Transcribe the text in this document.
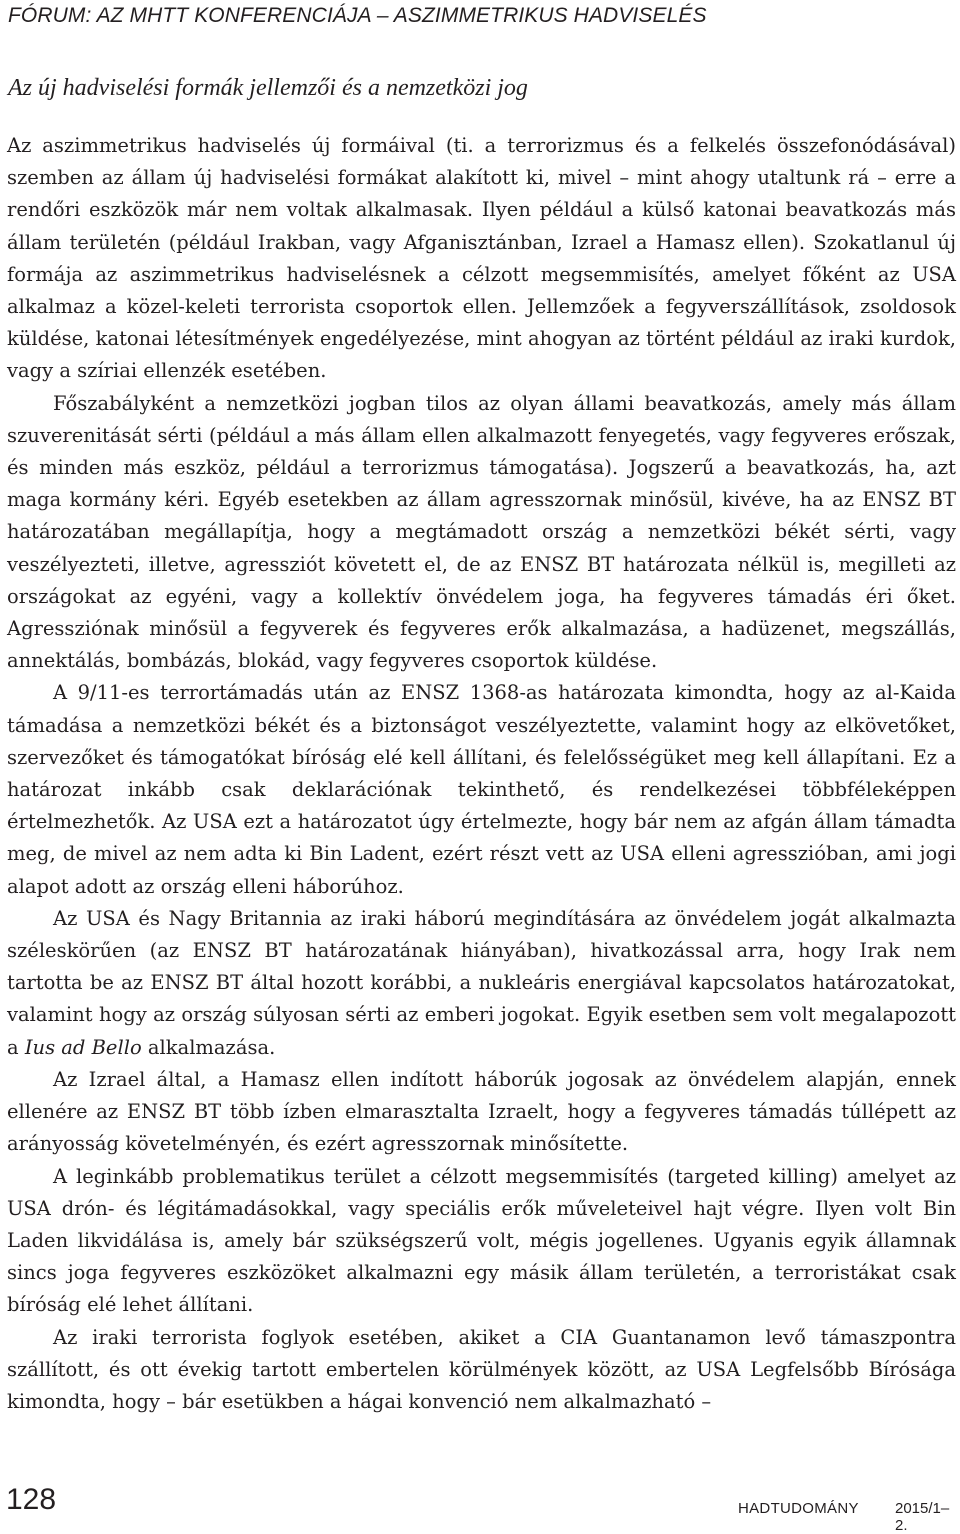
FÓRUM: AZ MHTT KONFERENCIÁJA – ASZIMMETRIKUS HADVISELÉS
Az új hadviselési formák jellemzői és a nemzetközi jog

Az aszimmetrikus hadviselés új formáival (ti. a terrorizmus és a felkelés összefonódásával) szemben az állam új hadviselési formákat alakított ki, mivel – mint ahogy utaltunk rá – erre a rendőri eszközök már nem voltak alkalmasak. Ilyen például a külső katonai beavatkozás más állam területén (például Irakban, vagy Afganisztánban, Izrael a Hamasz ellen). Szokatlanul új formája az aszimmetrikus hadviselésnek a célzott megsemmisítés, amelyet főként az USA alkalmaz a közel-keleti terrorista csoportok ellen. Jellemzőek a fegyverszállítások, zsoldosok küldése, katonai létesítmények engedélyezése, mint ahogyan az történt például az iraki kurdok, vagy a szíriai ellenzék esetében.

Főszabályként a nemzetközi jogban tilos az olyan állami beavatkozás, amely más állam szuverenitását sérti (például a más állam ellen alkalmazott fenyegetés, vagy fegyveres erőszak, és minden más eszköz, például a terrorizmus támogatása). Jogszerű a beavatkozás, ha, azt maga kormány kéri. Egyéb esetekben az állam agresszornak minősül, kivéve, ha az ENSZ BT határozatában megállapítja, hogy a megtámadott ország a nemzetközi békét sérti, vagy veszélyezteti, illetve, agressziót követett el, de az ENSZ BT határozata nélkül is, megilleti az országokat az egyéni, vagy a kollektív önvédelem joga, ha fegyveres támadás éri őket. Agressziónak minősül a fegyverek és fegyveres erők alkalmazása, a hadüzenet, megszállás, annektálás, bombázás, blokád, vagy fegyveres csoportok küldése.

A 9/11-es terrortámadás után az ENSZ 1368-as határozata kimondta, hogy az al-Kaida támadása a nemzetközi békét és a biztonságot veszélyeztette, valamint hogy az elkövetőket, szervezőket és támogatókat bíróság elé kell állítani, és felelősségüket meg kell állapítani. Ez a határozat inkább csak deklarációnak tekinthető, és rendelkezései többféleképpen értelmezhetők. Az USA ezt a határozatot úgy értelmezte, hogy bár nem az afgán állam támadta meg, de mivel az nem adta ki Bin Ladent, ezért részt vett az USA elleni agresszióban, ami jogi alapot adott az ország elleni háborúhoz.

Az USA és Nagy Britannia az iraki háború megindítására az önvédelem jogát alkalmazta széleskörűen (az ENSZ BT határozatának hiányában), hivatkozással arra, hogy Irak nem tartotta be az ENSZ BT által hozott korábbi, a nukleáris energiával kapcsolatos határozatokat, valamint hogy az ország súlyosan sérti az emberi jogokat. Egyik esetben sem volt megalapozott a Ius ad Bello alkalmazása.

Az Izrael által, a Hamasz ellen indított háborúk jogosak az önvédelem alapján, ennek ellenére az ENSZ BT több ízben elmarasztalta Izraelt, hogy a fegyveres támadás túllépett az arányosság követelményén, és ezért agresszornak minősítette.

A leginkább problematikus terület a célzott megsemmisítés (targeted killing) amelyet az USA drón- és légitámadásokkal, vagy speciális erők műveleteivel hajt végre. Ilyen volt Bin Laden likvidálása is, amely bár szükségszerű volt, mégis jogellenes. Ugyanis egyik államnak sincs joga fegyveres eszközöket alkalmazni egy másik állam területén, a terroristákat csak bíróság elé lehet állítani.

Az iraki terrorista foglyok esetében, akiket a CIA Guantanamon levő támaszpontra szállított, és ott évekig tartott embertelen körülmények között, az USA Legfelsőbb Bírósága kimondta, hogy – bár esetükben a hágai konvenció nem alkalmazható –

128	HADTUDOMÁNY 2015/1–2.
